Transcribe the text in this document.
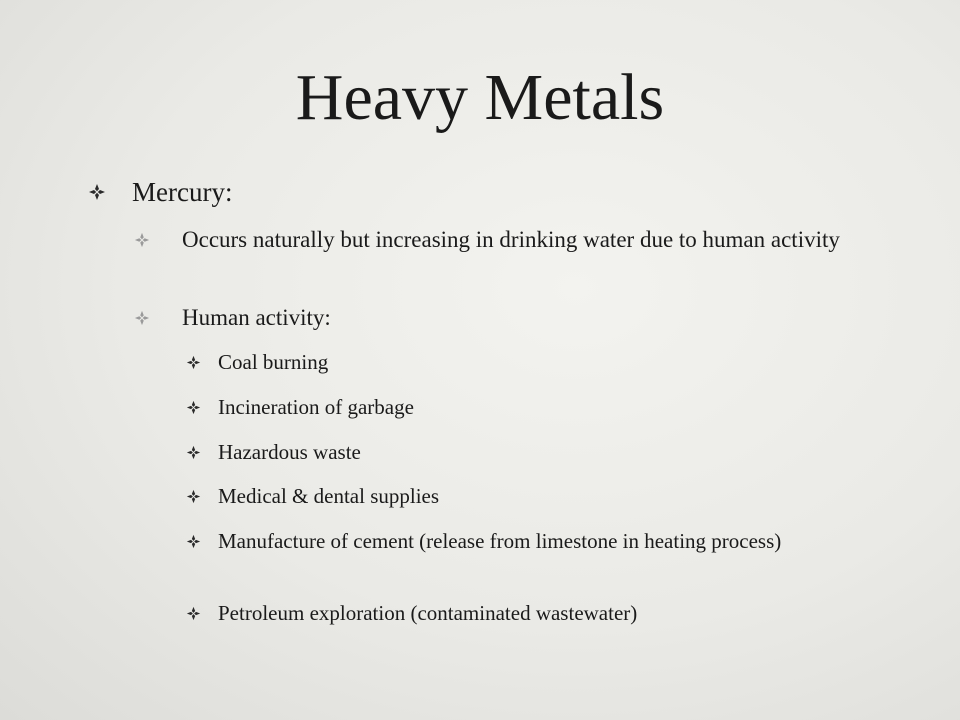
Heavy Metals
Mercury:
Occurs naturally but increasing in drinking water due to human activity
Human activity:
Coal burning
Incineration of garbage
Hazardous waste
Medical & dental supplies
Manufacture of cement (release from limestone in heating process)
Petroleum exploration (contaminated wastewater)
